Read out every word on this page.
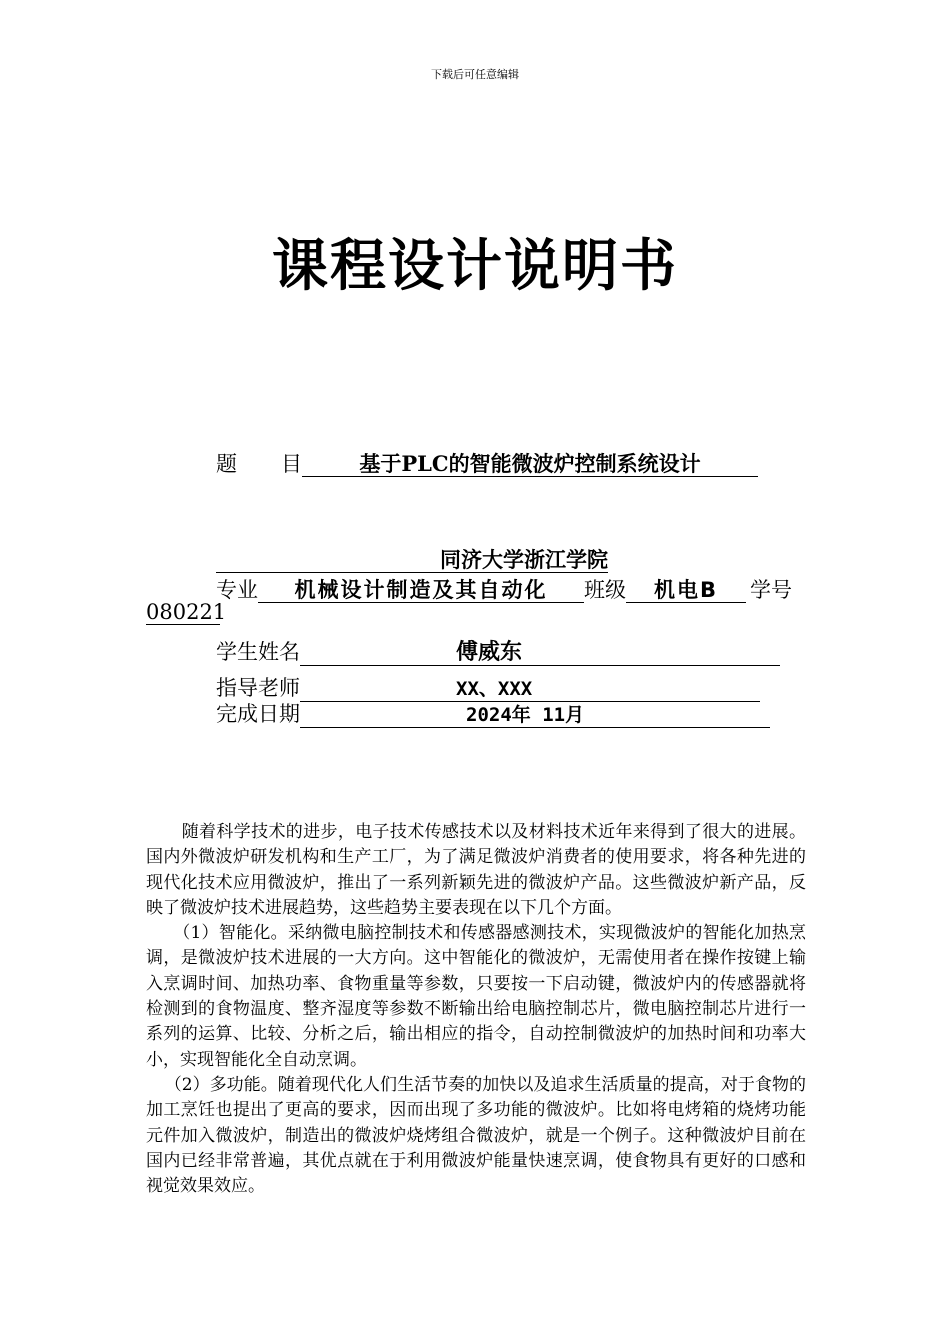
下载后可任意编辑
课程设计说明书
题 目	基于PLC的智能微波炉控制系统设计
同济大学浙江学院
专业 机械设计制造及其自动化 班级 机电B 学号
080221
学生姓名	傅威东
指导老师	XX、XXX
完成日期	2024年 11月

随着科学技术的进步，电子技术传感技术以及材料技术近年来得到了很大的进展。国内外微波炉研发机构和生产工厂，为了满足微波炉消费者的使用要求，将各种先进的现代化技术应用微波炉，推出了一系列新颖先进的微波炉产品。这些微波炉新产品，反映了微波炉技术进展趋势，这些趋势主要表现在以下几个方面。

（1）智能化。采纳微电脑控制技术和传感器感测技术，实现微波炉的智能化加热烹调，是微波炉技术进展的一大方向。这中智能化的微波炉，无需使用者在操作按键上输入烹调时间、加热功率、食物重量等参数，只要按一下启动键，微波炉内的传感器就将检测到的食物温度、整齐湿度等参数不断输出给电脑控制芯片，微电脑控制芯片进行一系列的运算、比较、分析之后，输出相应的指令，自动控制微波炉的加热时间和功率大小，实现智能化全自动烹调。

（2）多功能。随着现代化人们生活节奏的加快以及追求生活质量的提高，对于食物的加工烹饪也提出了更高的要求，因而出现了多功能的微波炉。比如将电烤箱的烧烤功能元件加入微波炉，制造出的微波炉烧烤组合微波炉，就是一个例子。这种微波炉目前在国内已经非常普遍，其优点就在于利用微波炉能量快速烹调，使食物具有更好的口感和视觉效果效应。
